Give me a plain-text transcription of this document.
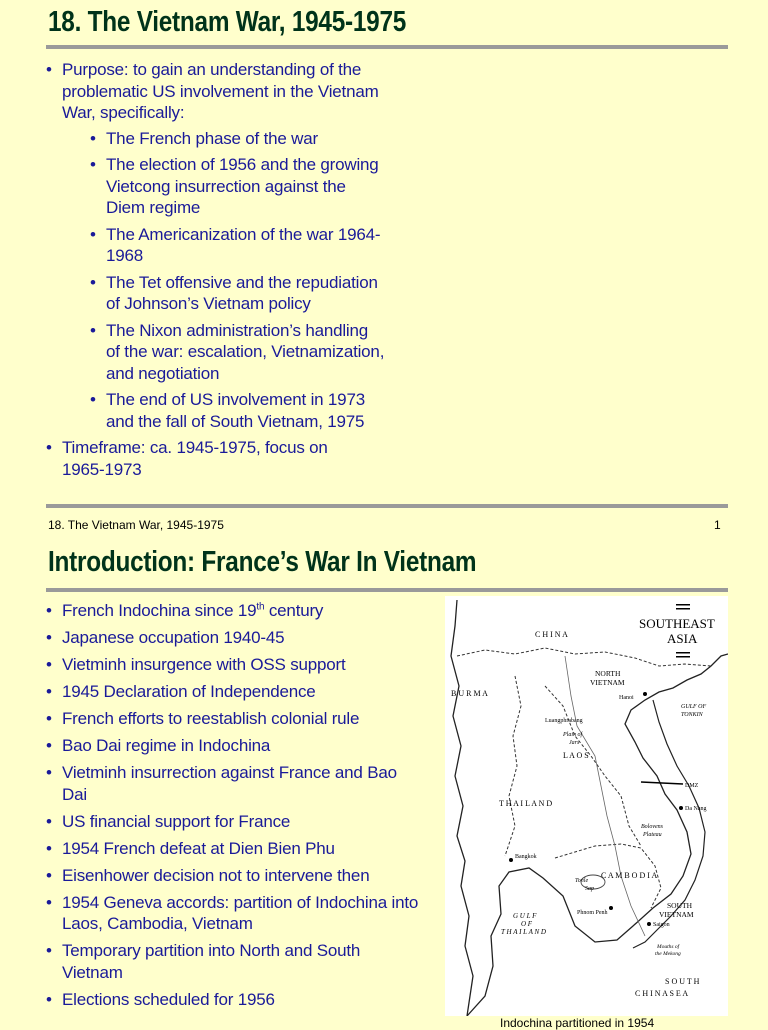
18. The Vietnam War, 1945-1975
• Purpose: to gain an understanding of the problematic US involvement in the Vietnam War, specifically:
• The French phase of the war
• The election of 1956 and the growing Vietcong insurrection against the Diem regime
• The Americanization of the war 1964-1968
• The Tet offensive and the repudiation of Johnson’s Vietnam policy
• The Nixon administration’s handling of the war: escalation, Vietnamization, and negotiation
• The end of US involvement in 1973 and the fall of South Vietnam, 1975
• Timeframe: ca. 1945-1975, focus on 1965-1973
18. The Vietnam War, 1945-1975	1
Introduction: France’s War In Vietnam
• French Indochina since 19th century
• Japanese occupation 1940-45
• Vietminh insurgence with OSS support
• 1945 Declaration of Independence
• French efforts to reestablish colonial rule
• Bao Dai regime in Indochina
• Vietminh insurrection against France and Bao Dai
• US financial support for France
• 1954 French defeat at Dien Bien Phu
• Eisenhower decision not to intervene then
• 1954 Geneva accords: partition of Indochina into Laos, Cambodia, Vietnam
• Temporary partition into North and South Vietnam
• Elections scheduled for 1956
SOUTHEAST
ASIA
C H I N A
B U R M A
NORTH
VIETNAM
Hanoi
GULF OF
TONKIN
Luangphrabang
Plain of
Jars
L A O S
DMZ
Da Nang
T H A I L A N D
Bolovens
Plateau
Bangkok
C A M B O D I A
Tonle
Sap
SOUTH
VIETNAM
Phnom Penh
Saigon
G U L F
O F
T H A I L A N D
Mouths of
the Mekong
S O U T H
C H I N A S E A
Indochina partitioned in 1954
